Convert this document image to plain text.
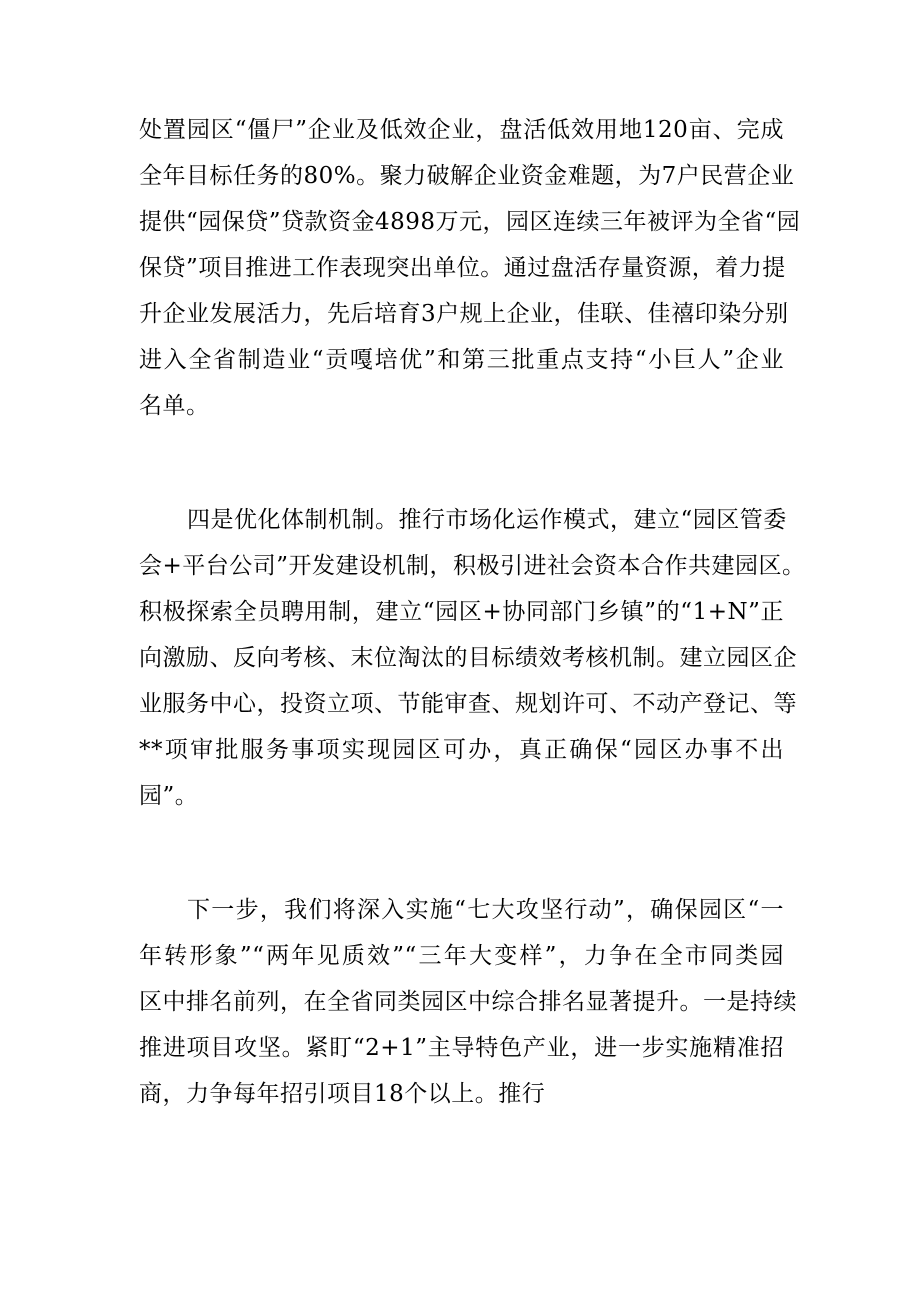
处置园区“僵尸”企业及低效企业，盘活低效用地120亩、完成
全年目标任务的80%。聚力破解企业资金难题，为7户民营企业
提供“园保贷”贷款资金4898万元，园区连续三年被评为全省“园
保贷”项目推进工作表现突出单位。通过盘活存量资源，着力提
升企业发展活力，先后培育3户规上企业，佳联、佳禧印染分别
进入全省制造业“贡嘎培优”和第三批重点支持“小巨人”企业
名单。
四是优化体制机制。推行市场化运作模式，建立“园区管委
会+平台公司”开发建设机制，积极引进社会资本合作共建园区。
积极探索全员聘用制，建立“园区+协同部门乡镇”的“1+N”正
向激励、反向考核、末位淘汰的目标绩效考核机制。建立园区企
业服务中心，投资立项、节能审查、规划许可、不动产登记、等
**项审批服务事项实现园区可办，真正确保“园区办事不出
园”。
下一步，我们将深入实施“七大攻坚行动”，确保园区“一
年转形象”“两年见质效”“三年大变样”，力争在全市同类园
区中排名前列，在全省同类园区中综合排名显著提升。一是持续
推进项目攻坚。紧盯“2+1”主导特色产业，进一步实施精准招
商，力争每年招引项目18个以上。推行
